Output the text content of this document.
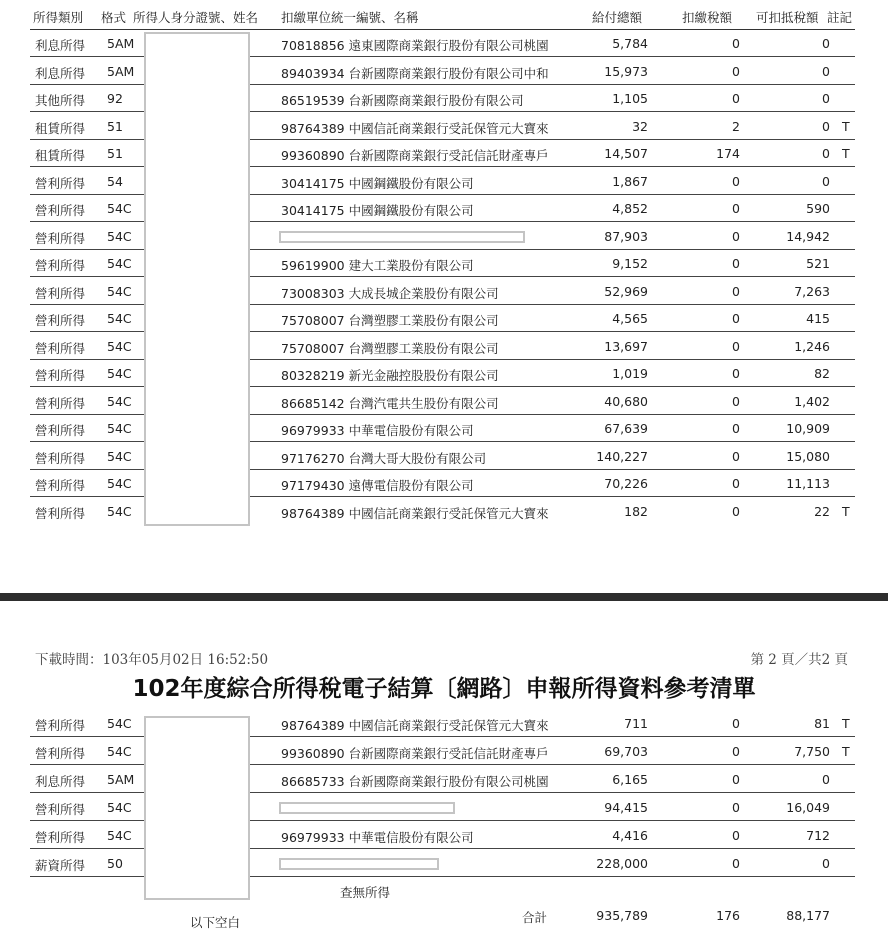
所得類別 格式 所得人身分證號、姓名 扣繳單位統一編號、名稱	給付總額	扣繳稅額 可扣抵稅額 註記
利息所得 5AM	70818856 遠東國際商業銀行股份有限公司桃園	5,784	0	0
利息所得 5AM	89403934 台新國際商業銀行股份有限公司中和	15,973	0	0
其他所得 92	86519539 台新國際商業銀行股份有限公司	1,105	0	0
租賃所得 51	98764389 中國信託商業銀行受託保管元大寶來	32	2	0 T
租賃所得 51	99360890 台新國際商業銀行受託信託財產專戶	14,507	174	0 T
營利所得 54	30414175 中國鋼鐵股份有限公司	1,867	0	0
營利所得 54C	30414175 中國鋼鐵股份有限公司	4,852	0	590
營利所得 54C	87,903	0	14,942
營利所得 54C	59619900 建大工業股份有限公司	9,152	0	521
營利所得 54C	73008303 大成長城企業股份有限公司	52,969	0	7,263
營利所得 54C	75708007 台灣塑膠工業股份有限公司	4,565	0	415
營利所得 54C	75708007 台灣塑膠工業股份有限公司	13,697	0	1,246
營利所得 54C	80328219 新光金融控股股份有限公司	1,019	0	82
營利所得 54C	86685142 台灣汽電共生股份有限公司	40,680	0	1,402
營利所得 54C	96979933 中華電信股份有限公司	67,639	0	10,909
營利所得 54C	97176270 台灣大哥大股份有限公司	140,227	0	15,080
營利所得 54C	97179430 遠傳電信股份有限公司	70,226	0	11,113
營利所得 54C	98764389 中國信託商業銀行受託保管元大寶來	182	0	22 T
下載時間：103年05月02日 16:52:50	第 2 頁／共2 頁
102年度綜合所得稅電子結算〔網路〕申報所得資料參考清單
營利所得 54C	98764389 中國信託商業銀行受託保管元大寶來	711	0	81 T
營利所得 54C	99360890 台新國際商業銀行受託信託財產專戶	69,703	0	7,750 T
利息所得 5AM	86685733 台新國際商業銀行股份有限公司桃園	6,165	0	0
營利所得 54C	94,415	0	16,049
營利所得 54C	96979933 中華電信股份有限公司	4,416	0	712
薪資所得 50	228,000	0	0
查無所得
以下空白	合計	935,789	176	88,177
